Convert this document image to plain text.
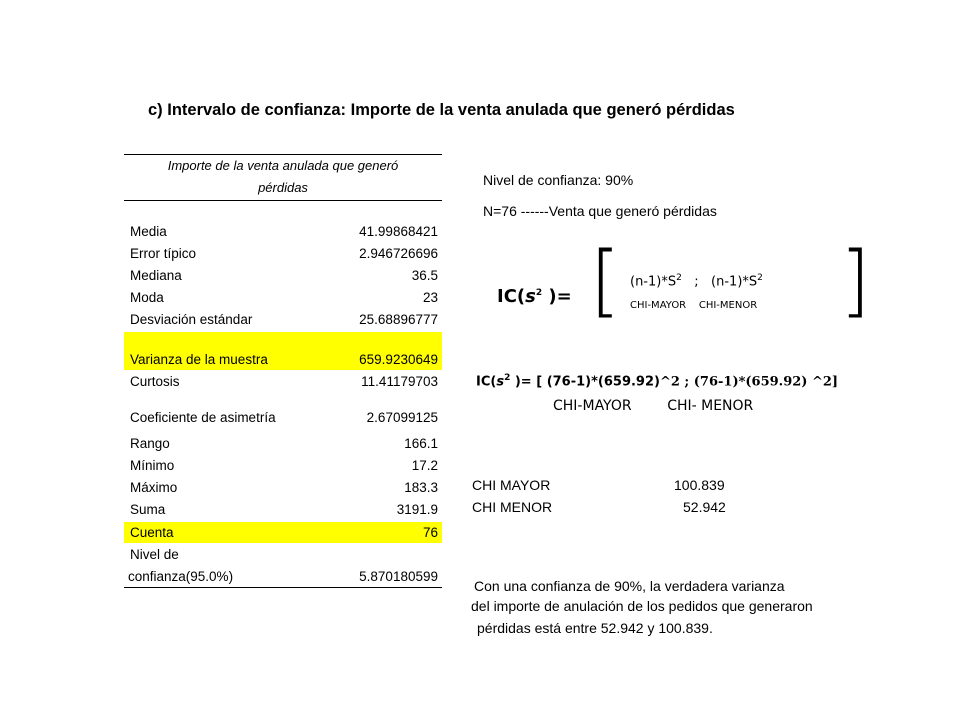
c) Intervalo de confianza: Importe de la venta anulada que generó pérdidas
Importe de la venta anulada que generó
pérdidas
Media	41.99868421
Error típico	2.946726696
Mediana	36.5
Moda	23
Desviación estándar	25.68896777
Varianza de la muestra	659.9230649
Curtosis	11.41179703
Coeficiente de asimetría	2.67099125
Rango	166.1
Mínimo	17.2
Máximo	183.3
Suma	3191.9
Cuenta	76
Nivel de
confianza(95.0%)	5.870180599
Nivel de confianza: 90%
N=76 ------Venta que generó pérdidas
$IC(s^2$ )= [	]
$(n-1)*S^2$ ; $(n-1)*S^2$
CHI-MAYOR CHI-MENOR
$IC(s^2$ )= [ (76-1)*(659.92)^2 ; (76-1)*(659.92) ^2]
CHI-MAYOR	CHI- MENOR
CHI MAYOR	100.839
CHI MENOR	52.942
Con una confianza de 90%, la verdadera varianza
del importe de anulación de los pedidos que generaron
pérdidas está entre 52.942 y 100.839.
